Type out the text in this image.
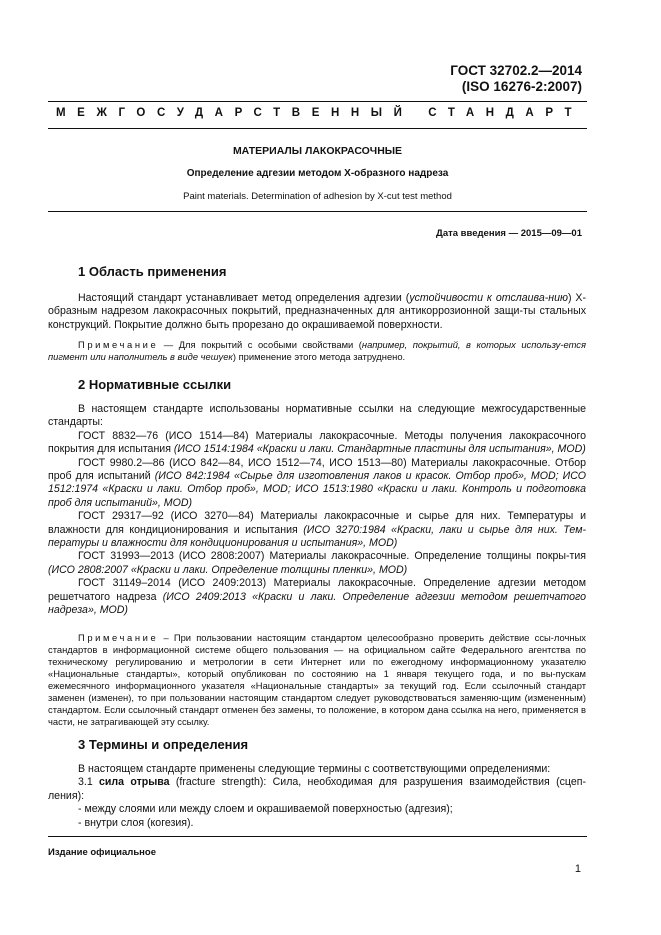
ГОСТ 32702.2—2014
(ISO 16276-2:2007)
МЕЖГОСУДАРСТВЕННЫЙ СТАНДАРТ
МАТЕРИАЛЫ ЛАКОКРАСОЧНЫЕ
Определение адгезии методом Х-образного надреза
Paint materials. Determination of adhesion by X-cut test method
Дата введения — 2015—09—01
1 Область применения

Настоящий стандарт устанавливает метод определения адгезии (устойчивости к отслаива-нию) Х-образным надрезом лакокрасочных покрытий, предназначенных для антикоррозионной защи-ты стальных конструкций. Покрытие должно быть прорезано до окрашиваемой поверхности.

Примечание — Для покрытий с особыми свойствами (например, покрытий, в которых использу-ется пигмент или наполнитель в виде чешуек) применение этого метода затруднено.

2 Нормативные ссылки

В настоящем стандарте использованы нормативные ссылки на следующие межгосударственные стандарты:

ГОСТ 8832—76 (ИСО 1514—84) Материалы лакокрасочные. Методы получения лакокрасочного покрытия для испытания (ИСО 1514:1984 «Краски и лаки. Стандартные пластины для испытания», MOD)

ГОСТ 9980.2—86 (ИСО 842—84, ИСО 1512—74, ИСО 1513—80) Материалы лакокрасочные. Отбор проб для испытаний (ИСО 842:1984 «Сырье для изготовления лаков и красок. Отбор проб», MOD; ИСО 1512:1974 «Краски и лаки. Отбор проб», MOD; ИСО 1513:1980 «Краски и лаки. Контроль и подготовка проб для испытаний», MOD)

ГОСТ 29317—92 (ИСО 3270—84) Материалы лакокрасочные и сырье для них. Температуры и влажности для кондиционирования и испытания (ИСО 3270:1984 «Краски, лаки и сырье для них. Тем-пературы и влажности для кондиционирования и испытания», MOD)

ГОСТ 31993—2013 (ИСО 2808:2007) Материалы лакокрасочные. Определение толщины покры-тия (ИСО 2808:2007 «Краски и лаки. Определение толщины пленки», MOD)

ГОСТ 31149–2014 (ИСО 2409:2013) Материалы лакокрасочные. Определение адгезии методом решетчатого надреза (ИСО 2409:2013 «Краски и лаки. Определение адгезии методом решетчатого надреза», MOD)

Примечание – При пользовании настоящим стандартом целесообразно проверить действие ссы-лочных стандартов в информационной системе общего пользования — на официальном сайте Федерального агентства по техническому регулированию и метрологии в сети Интернет или по ежегодному информационному указателю «Национальные стандарты», который опубликован по состоянию на 1 января текущего года, и по вы-пускам ежемесячного информационного указателя «Национальные стандарты» за текущий год. Если ссылочный стандарт заменен (изменен), то при пользовании настоящим стандартом следует руководствоваться заменяю-щим (измененным) стандартом. Если ссылочный стандарт отменен без замены, то положение, в котором дана ссылка на него, применяется в части, не затрагивающей эту ссылку.

3 Термины и определения

В настоящем стандарте применены следующие термины с соответствующими определениями:

3.1 сила отрыва (fracture strength): Сила, необходимая для разрушения взаимодействия (сцеп-ления):

- между слоями или между слоем и окрашиваемой поверхностью (адгезия);

- внутри слоя (когезия).

Издание официальное
1
